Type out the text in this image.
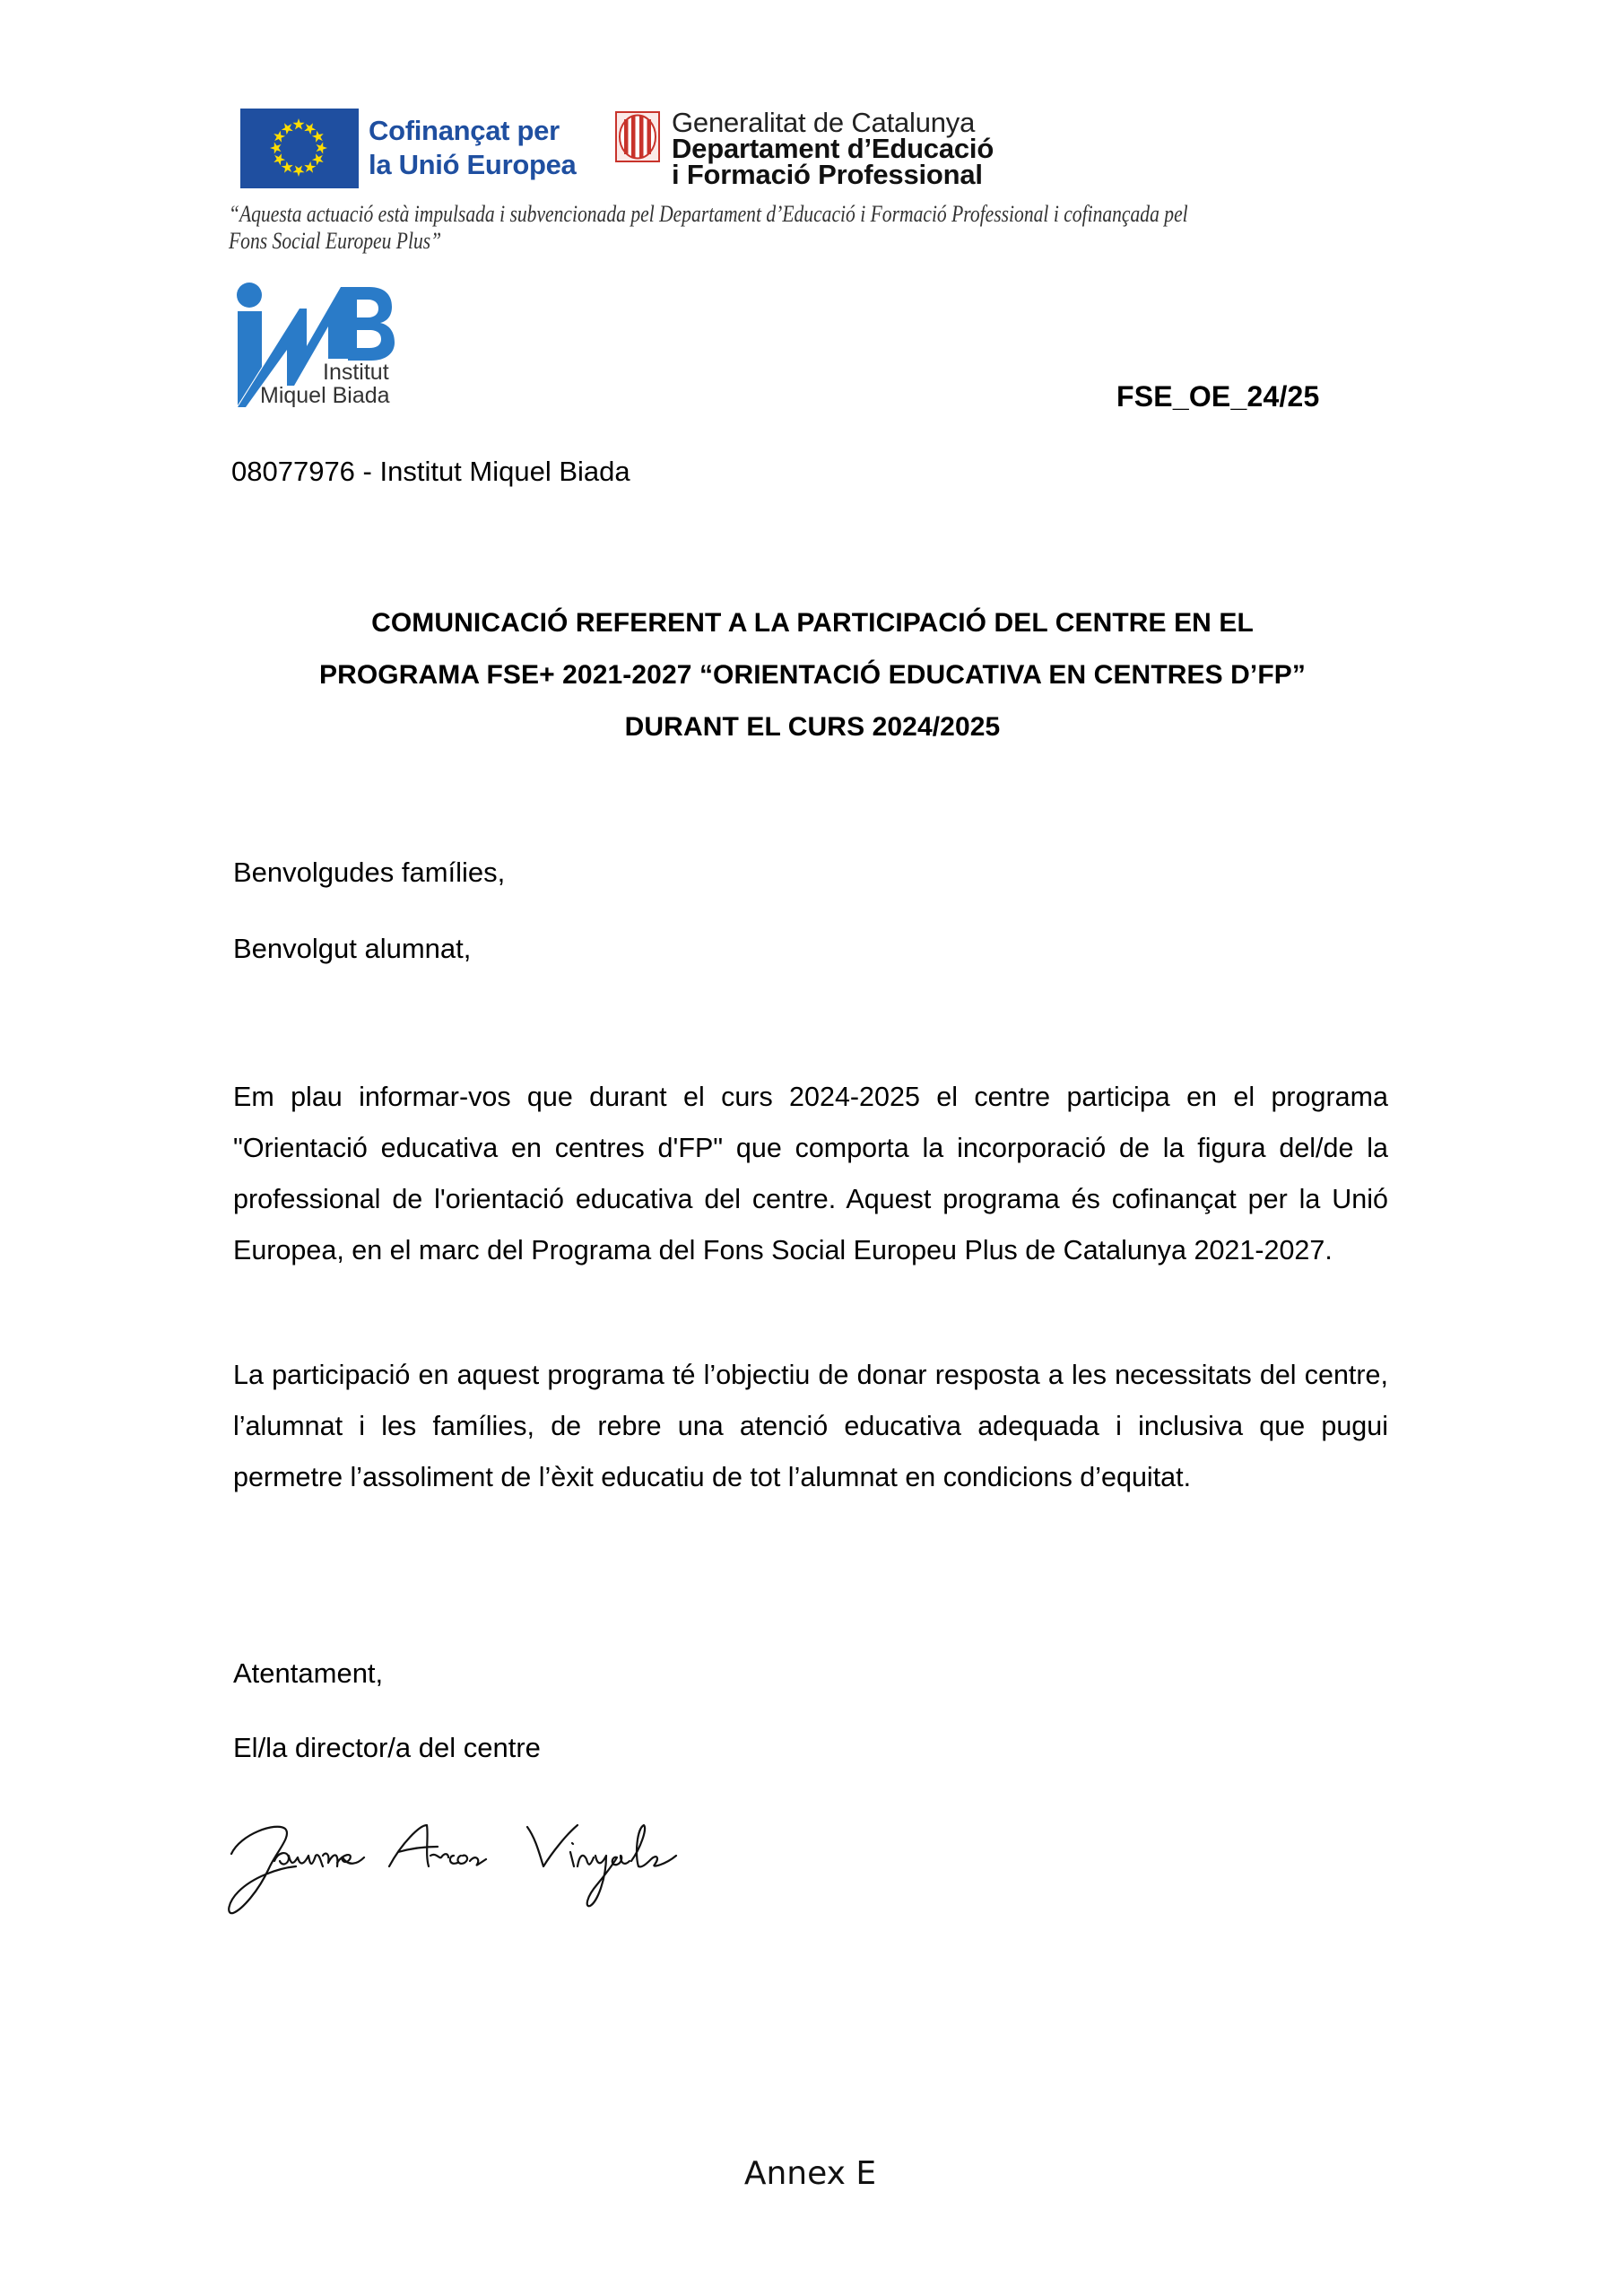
Cofinançat per
la Unió Europea
Generalitat de Catalunya
Departament d’Educació
i Formació Professional
“Aquesta actuació està impulsada i subvencionada pel Departament d’Educació i Formació Professional i cofinançada pel
Fons Social Europeu Plus”
Institut
Miquel Biada	FSE_OE_24/25
08077976 - Institut Miquel Biada
COMUNICACIÓ REFERENT A LA PARTICIPACIÓ DEL CENTRE EN EL
PROGRAMA FSE+ 2021-2027 “ORIENTACIÓ EDUCATIVA EN CENTRES D’FP”
DURANT EL CURS 2024/2025
Benvolgudes famílies,
Benvolgut alumnat,
Em plau informar-vos que durant el curs 2024-2025 el centre participa en el programa "Orientació educativa en centres d'FP" que comporta la incorporació de la figura del/de la professional de l'orientació educativa del centre. Aquest programa és cofinançat per la Unió Europea, en el marc del Programa del Fons Social Europeu Plus de Catalunya 2021-2027.
La participació en aquest programa té l’objectiu de donar resposta a les necessitats del centre, l’alumnat i les famílies, de rebre una atenció educativa adequada i inclusiva que pugui permetre l’assoliment de l’èxit educatiu de tot l’alumnat en condicions d’equitat.
Atentament,
El/la director/a del centre
Annex E
